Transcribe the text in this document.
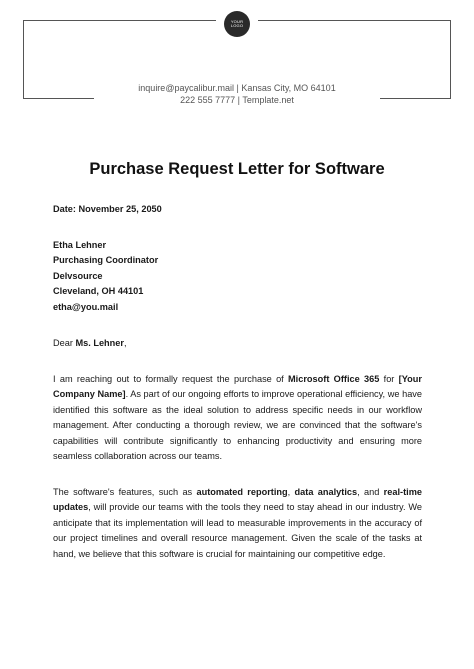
YOUR
LOGO
inquire@paycalibur.mail | Kansas City, MO 64101
222 555 7777 | Template.net
Purchase Request Letter for Software
Date: November 25, 2050
Etha Lehner
Purchasing Coordinator
Delvsource
Cleveland, OH 44101
etha@you.mail
Dear Ms. Lehner,
I am reaching out to formally request the purchase of Microsoft Office 365 for [Your Company Name]. As part of our ongoing efforts to improve operational efficiency, we have identified this software as the ideal solution to address specific needs in our workflow management. After conducting a thorough review, we are convinced that the software's capabilities will contribute significantly to enhancing productivity and ensuring more seamless collaboration across our teams.
The software's features, such as automated reporting, data analytics, and real-time updates, will provide our teams with the tools they need to stay ahead in our industry. We anticipate that its implementation will lead to measurable improvements in the accuracy of our project timelines and overall resource management. Given the scale of the tasks at hand, we believe that this software is crucial for maintaining our competitive edge.
